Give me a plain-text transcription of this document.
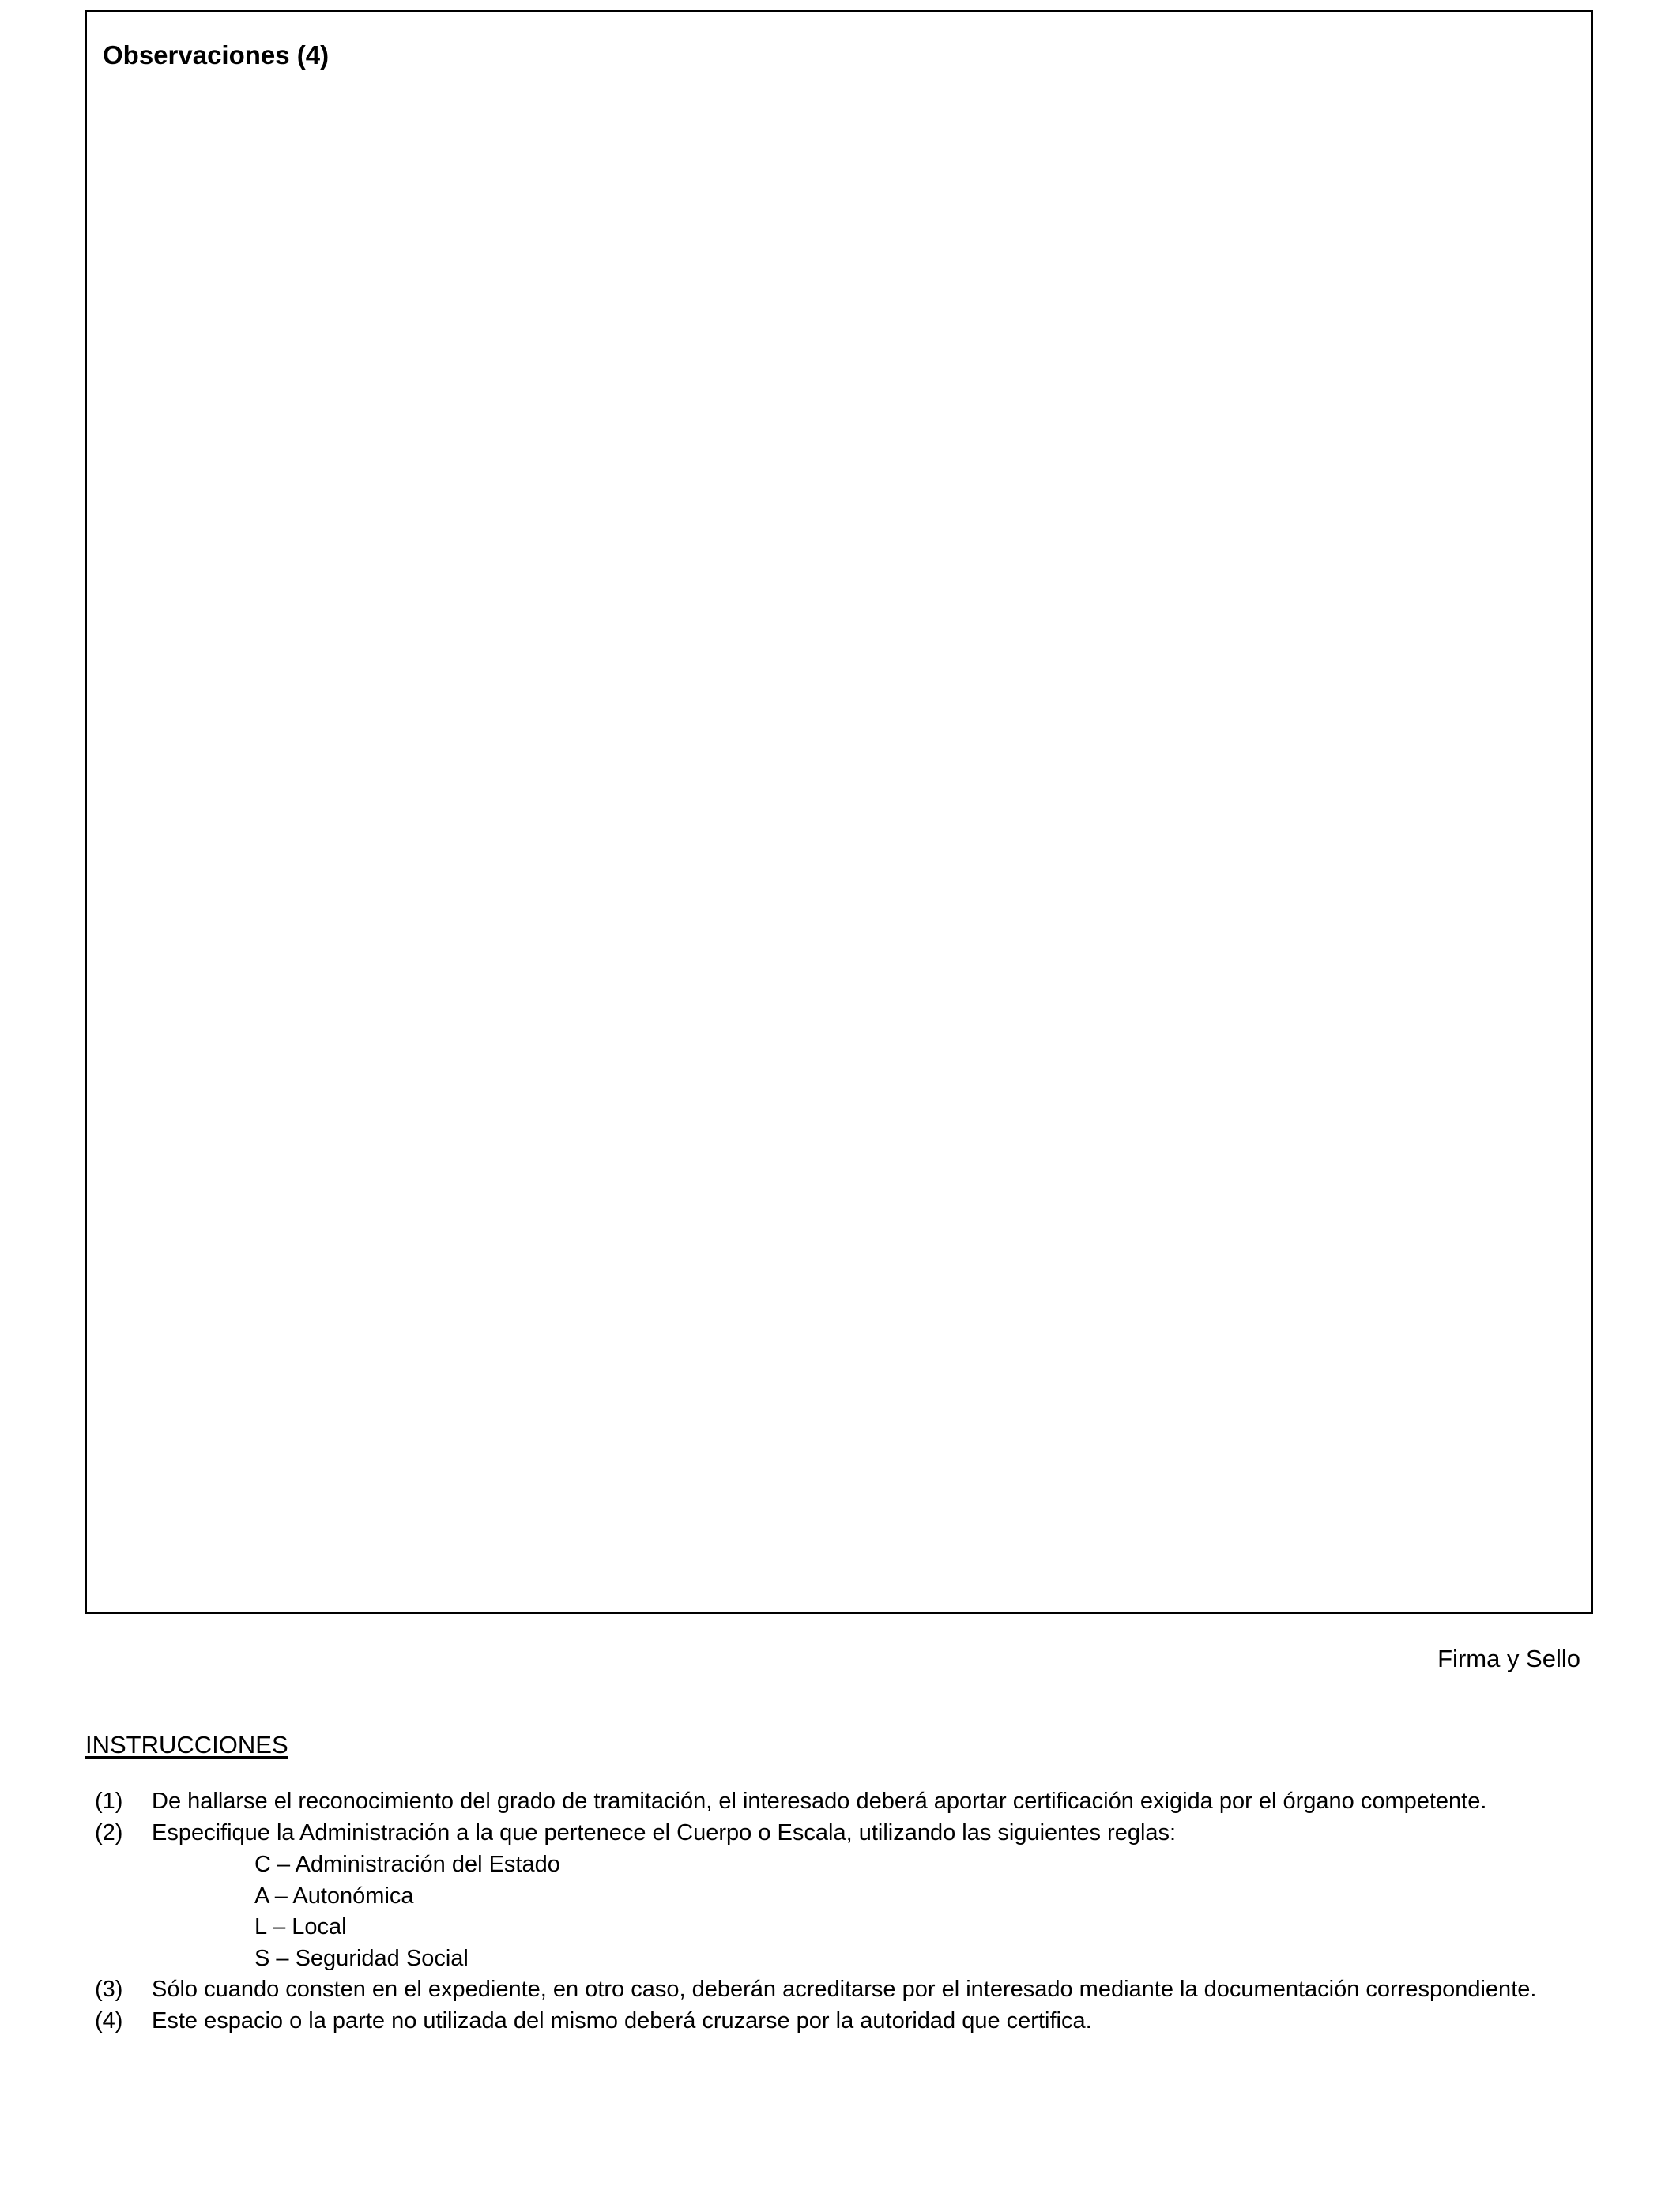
Observaciones (4)
Firma y Sello
INSTRUCCIONES
(1) De hallarse el reconocimiento del grado de tramitación, el interesado deberá aportar certificación exigida por el órgano competente.
(2) Especifique la Administración a la que pertenece el Cuerpo o Escala, utilizando las siguientes reglas:
C – Administración del Estado
A – Autonómica
L – Local
S – Seguridad Social
(3) Sólo cuando consten en el expediente, en otro caso, deberán acreditarse por el interesado mediante la documentación correspondiente.
(4) Este espacio o la parte no utilizada del mismo deberá cruzarse por la autoridad que certifica.
